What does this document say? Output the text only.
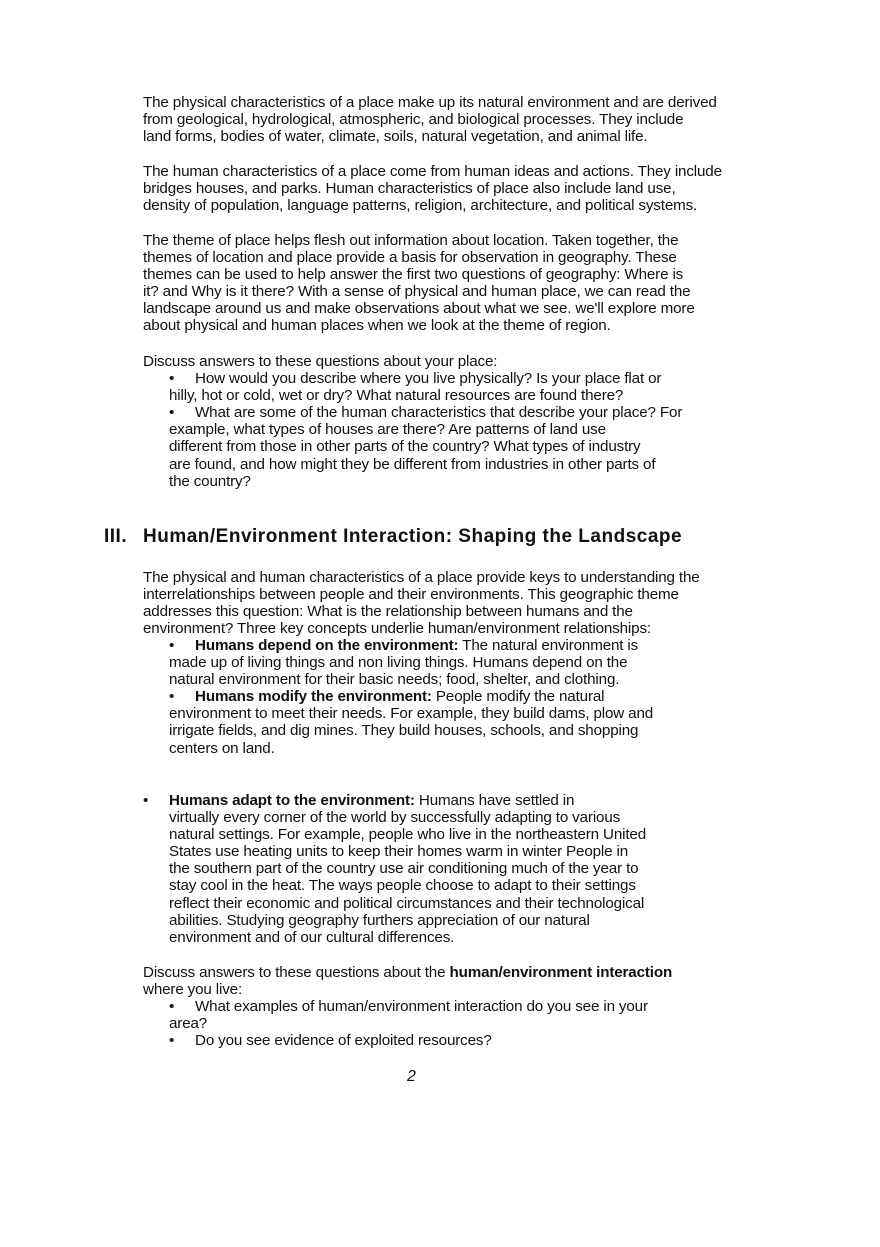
The physical characteristics of a place make up its natural environment and are derived
from geological, hydrological, atmospheric, and biological processes. They include
land forms, bodies of water, climate, soils, natural vegetation, and animal life.

The human characteristics of a place come from human ideas and actions. They include
bridges houses, and parks. Human characteristics of place also include land use,
density of population, language patterns, religion, architecture, and political systems.

The theme of place helps flesh out information about location. Taken together, the
themes of location and place provide a basis for observation in geography. These
themes can be used to help answer the first two questions of geography: Where is
it? and Why is it there? With a sense of physical and human place, we can read the
landscape around us and make observations about what we see. we'll explore more
about physical and human places when we look at the theme of region.

Discuss answers to these questions about your place:
• How would you describe where you live physically? Is your place flat or
hilly, hot or cold, wet or dry? What natural resources are found there?
• What are some of the human characteristics that describe your place? For
example, what types of houses are there? Are patterns of land use
different from those in other parts of the country? What types of industry
are found, and how might they be different from industries in other parts of
the country?
III. Human/Environment Interaction: Shaping the Landscape

The physical and human characteristics of a place provide keys to understanding the
interrelationships between people and their environments. This geographic theme
addresses this question: What is the relationship between humans and the
environment? Three key concepts underlie human/environment relationships:

• Humans depend on the environment: The natural environment is
made up of living things and non living things. Humans depend on the
natural environment for their basic needs; food, shelter, and clothing.
• Humans modify the environment: People modify the natural
environment to meet their needs. For example, they build dams, plow and
irrigate fields, and dig mines. They build houses, schools, and shopping
centers on land.
• Humans adapt to the environment: Humans have settled in
virtually every corner of the world by successfully adapting to various
natural settings. For example, people who live in the northeastern United
States use heating units to keep their homes warm in winter People in
the southern part of the country use air conditioning much of the year to
stay cool in the heat. The ways people choose to adapt to their settings
reflect their economic and political circumstances and their technological
abilities. Studying geography furthers appreciation of our natural
environment and of our cultural differences.
Discuss answers to these questions about the human/environment interaction
where you live:
• What examples of human/environment interaction do you see in your
area?
• Do you see evidence of exploited resources?
2
